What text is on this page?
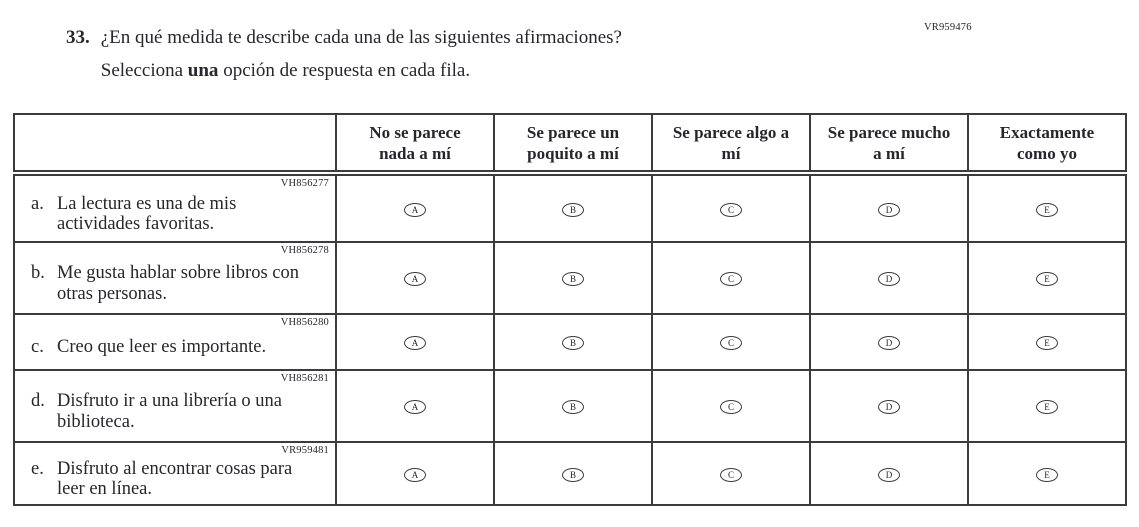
33. ¿En qué medida te describe cada una de las siguientes afirmaciones?
Selecciona una opción de respuesta en cada fila.
VR959476
	No se parece nada a mí	Se parece un poquito a mí	Se parece algo a mí	Se parece mucho a mí	Exactamente como yo

VH856277
a. La lectura es una de mis actividades favoritas.	A	B	C	D	E

VH856278
b. Me gusta hablar sobre libros con otras personas.	A	B	C	D	E

VH856280
c. Creo que leer es importante.	A	B	C	D	E

VH856281
d. Disfruto ir a una librería o una biblioteca.	A	B	C	D	E

VR959481
e. Disfruto al encontrar cosas para leer en línea.	A	B	C	D	E
